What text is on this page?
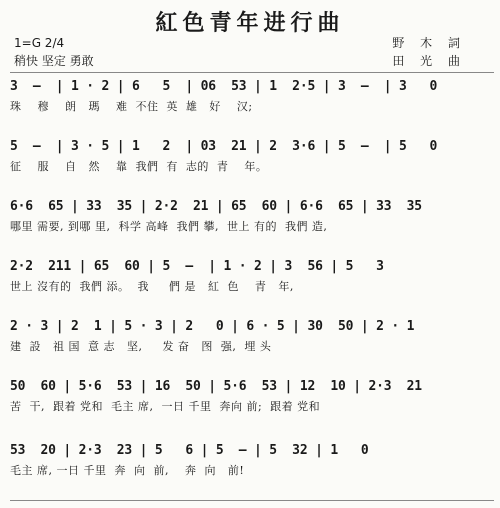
紅色青年进行曲
1=G 2/4
稍快 坚定 勇敢
野 木 詞
田 光 曲
3  —  | 1 · 2 | 6   5  | 06  53 | 1  2·5 | 3  —  | 3   0
珠    穆    朗   瑪    难  不住  英  雄   好    汉;
5  —  | 3 · 5 | 1   2  | 03  21 | 2  3·6 | 5  —  | 5   0
征    服    自   然    靠  我們  有  志的  青    年。
6·6  65 | 33  35 | 2·2  21 | 65  60 | 6·6  65 | 33  35
哪里 需要, 到哪 里,  科学 高峰  我們 攀,  世上 有的  我們 造,
2·2  211 | 65  60 | 5  —  | 1 · 2 | 3  56 | 5   3
世上 沒有的  我們 添。  我     們 是   紅  色    青   年,
2 · 3 | 2  1 | 5 · 3 | 2   0 | 6 · 5 | 30  50 | 2 · 1
建  設   祖 国  意 志   坚,     发 奋   图  强,  埋 头
50  60 | 5·6  53 | 16  50 | 5·6  53 | 12  10 | 2·3  21
苦  干,  跟着 党和  毛主 席,  一日 千里  奔向 前;  跟着 党和
53  20 | 2·3  23 | 5   6 | 5  — | 5  32 | 1   0
毛主 席, 一日 千里  奔  向  前,    奔  向   前!
